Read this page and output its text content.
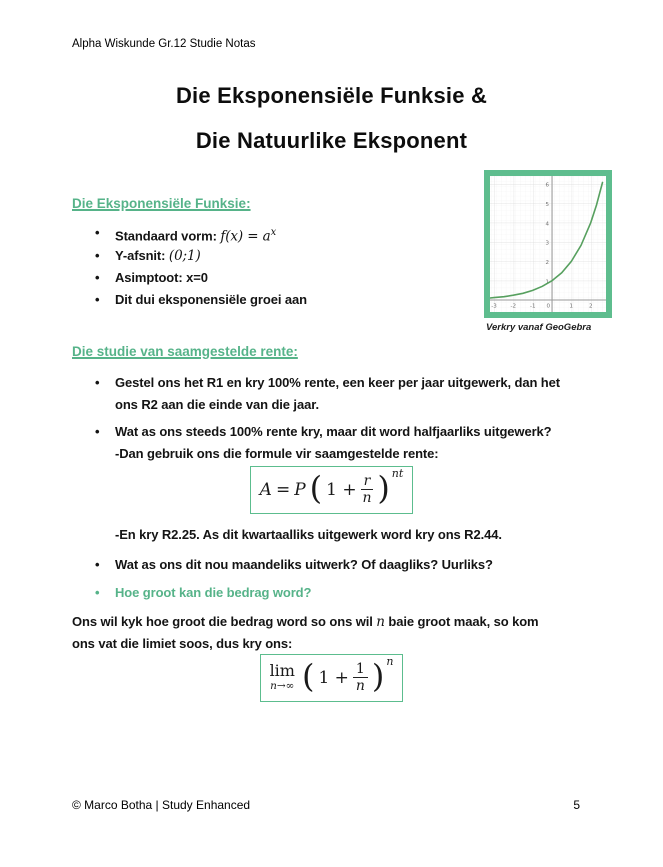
Alpha Wiskunde Gr.12 Studie Notas
Die Eksponensiële Funksie &
Die Natuurlike Eksponent
Die Eksponensiële Funksie:
• Standaard vorm: $f(x) = a^x$
• Y-afsnit: (0;1)
• Asimptoot: x=0
• Dit dui eksponensiële groei aan
6
5
4
3
2
1
-3	-2	-1 0	1	2
Verkry vanaf GeoGebra
Die studie van saamgestelde rente:
• Gestel ons het R1 en kry 100% rente, een keer per jaar uitgewerk, dan het
ons R2 aan die einde van die jaar.
• Wat as ons steeds 100% rente kry, maar dit word halfjaarliks uitgewerk?
-Dan gebruik ons die formule vir saamgestelde rente:
A = P ( $1 + \frac{r}{n}$ ) nt
-En kry R2.25. As dit kwartaalliks uitgewerk word kry ons R2.44.
• Wat as ons dit nou maandeliks uitwerk? Of daagliks? Uurliks?
• Hoe groot kan die bedrag word?
Ons wil kyk hoe groot die bedrag word so ons wil n baie groot maak, so kom
ons vat die limiet soos, dus kry ons:
lim
n→∞ ( $1 + \frac{1}{n}$ ) n
© Marco Botha | Study Enhanced	5
